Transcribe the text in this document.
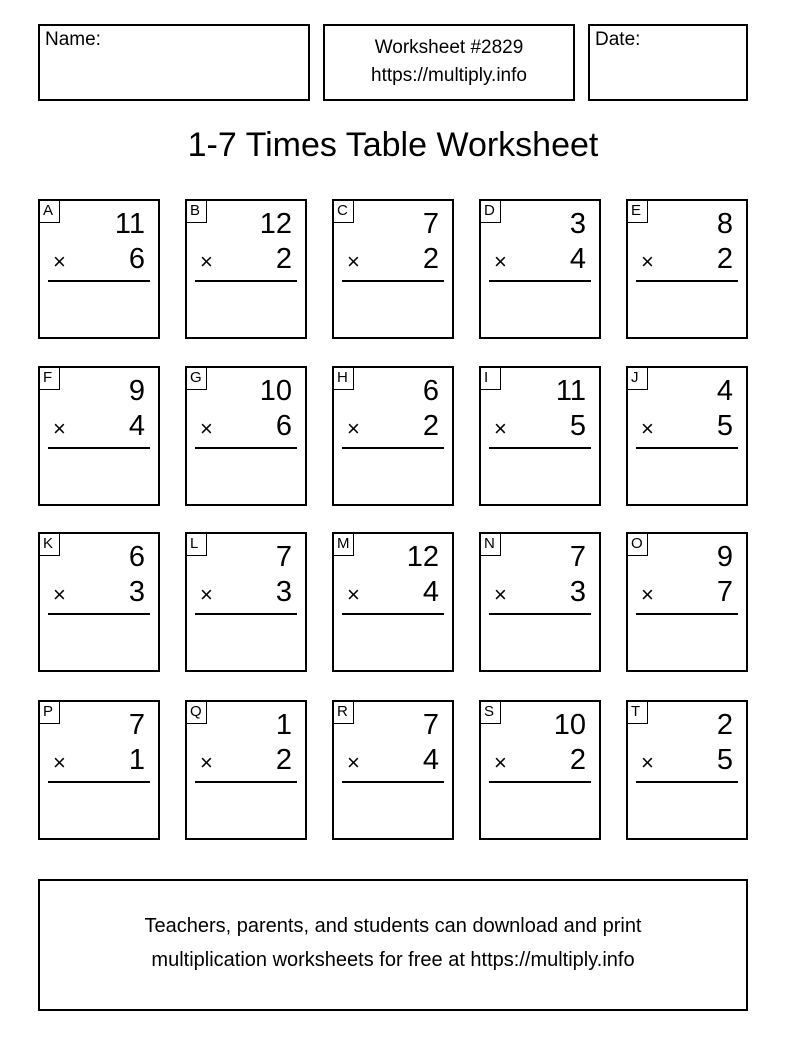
Name:	Worksheet #2829
https://multiply.info
Date:
1-7 Times Table Worksheet
A 11
× 6
B 12
× 2
C	7
× 2
D	3
× 4
E	8
× 2
F	9
× 4
G 10
× 6
H	6
× 2
I	11
× 5
J	4
× 5
K	6
× 3
L	7
× 3
M 12
× 4
N	7
× 3
O	9
× 7
P	7
× 1
Q	1
× 2
R	7
× 4
S 10
× 2
T	2
× 5
Teachers, parents, and students can download and print
multiplication worksheets for free at https://multiply.info
